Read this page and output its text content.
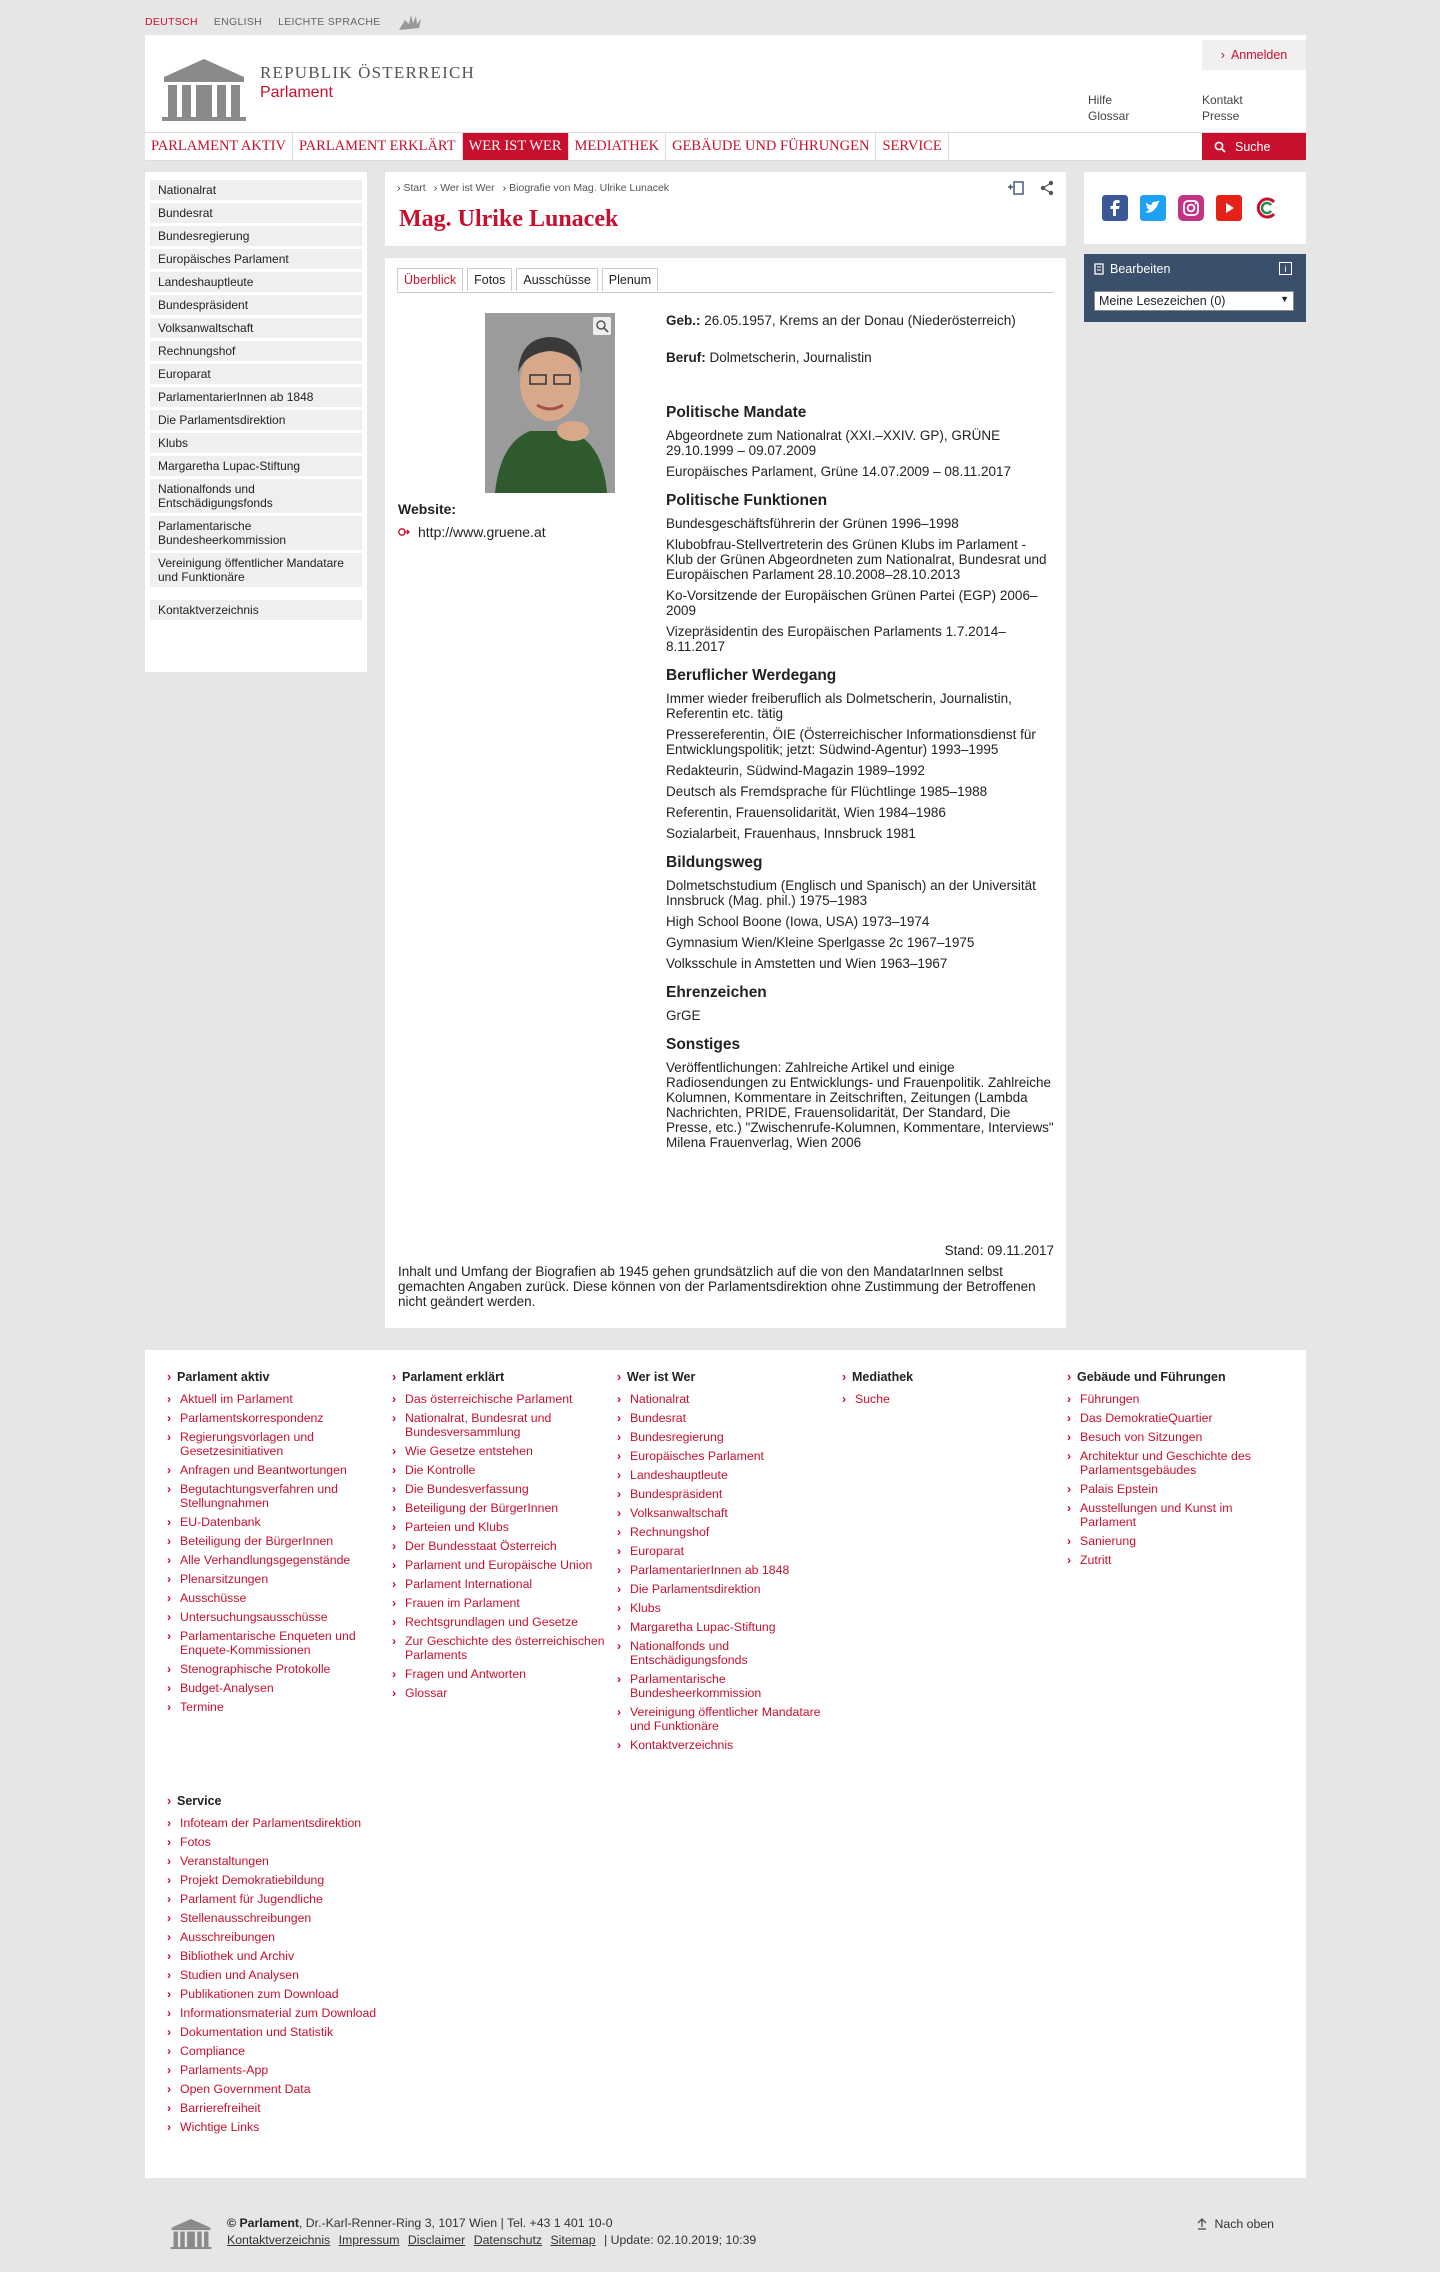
DEUTSCH ENGLISH LEICHTE SPRACHE
REPUBLIK ÖSTERREICH
Parlament
› Anmelden
Hilfe
Glossar
Kontakt
Presse
PARLAMENT AKTIV PARLAMENT ERKLÄRT WER IST WER MEDIATHEK GEBÄUDE UND FÜHRUNGEN SERVICE	Suche
Nationalrat
Bundesrat
Bundesregierung
Europäisches Parlament
Landeshauptleute
Bundespräsident
Volksanwaltschaft
Rechnungshof
Europarat
ParlamentarierInnen ab 1848
Die Parlamentsdirektion
Klubs
Margaretha Lupac-Stiftung
Nationalfonds und Entschädigungsfonds
Parlamentarische Bundesheerkommission
Vereinigung öffentlicher Mandatare und Funktionäre
Kontaktverzeichnis
› Start	› Wer ist Wer	› Biografie von Mag. Ulrike Lunacek
Mag. Ulrike Lunacek
Überblick	Fotos	Ausschüsse	Plenum
Website:
http://www.gruene.at
Geb.: 26.05.1957, Krems an der Donau (Niederösterreich)
Beruf: Dolmetscherin, Journalistin
Politische Mandate
Abgeordnete zum Nationalrat (XXI.–XXIV. GP), GRÜNE 29.10.1999 – 09.07.2009
Europäisches Parlament, Grüne 14.07.2009 – 08.11.2017
Politische Funktionen
Bundesgeschäftsführerin der Grünen 1996–1998
Klubobfrau-Stellvertreterin des Grünen Klubs im Parlament - Klub der Grünen Abgeordneten zum Nationalrat, Bundesrat und Europäischen Parlament 28.10.2008–28.10.2013
Ko-Vorsitzende der Europäischen Grünen Partei (EGP) 2006–2009
Vizepräsidentin des Europäischen Parlaments 1.7.2014–8.11.2017
Beruflicher Werdegang
Immer wieder freiberuflich als Dolmetscherin, Journalistin, Referentin etc. tätig
Pressereferentin, ÖIE (Österreichischer Informationsdienst für Entwicklungspolitik; jetzt: Südwind-Agentur) 1993–1995
Redakteurin, Südwind-Magazin 1989–1992
Deutsch als Fremdsprache für Flüchtlinge 1985–1988
Referentin, Frauensolidarität, Wien 1984–1986
Sozialarbeit, Frauenhaus, Innsbruck 1981
Bildungsweg
Dolmetschstudium (Englisch und Spanisch) an der Universität Innsbruck (Mag. phil.) 1975–1983
High School Boone (Iowa, USA) 1973–1974
Gymnasium Wien/Kleine Sperlgasse 2c 1967–1975
Volksschule in Amstetten und Wien 1963–1967
Ehrenzeichen
GrGE
Sonstiges
Veröffentlichungen: Zahlreiche Artikel und einige Radiosendungen zu Entwicklungs- und Frauenpolitik. Zahlreiche Kolumnen, Kommentare in Zeitschriften, Zeitungen (Lambda Nachrichten, PRIDE, Frauensolidarität, Der Standard, Die Presse, etc.) "Zwischenrufe-Kolumnen, Kommentare, Interviews" Milena Frauenverlag, Wien 2006
Stand: 09.11.2017
Inhalt und Umfang der Biografien ab 1945 gehen grundsätzlich auf die von den MandatarInnen selbst gemachten Angaben zurück. Diese können von der Parlamentsdirektion ohne Zustimmung der Betroffenen nicht geändert werden.
Bearbeiten	i
Meine Lesezeichen (0)	▼
› Parlament aktiv
› Aktuell im Parlament
› Parlamentskorrespondenz
› Regierungsvorlagen und Gesetzesinitiativen
› Anfragen und Beantwortungen
› Begutachtungsverfahren und Stellungnahmen
› EU-Datenbank
› Beteiligung der BürgerInnen
› Alle Verhandlungsgegenstände
› Plenarsitzungen
› Ausschüsse
› Untersuchungsausschüsse
› Parlamentarische Enqueten und Enquete-Kommissionen
› Stenographische Protokolle
› Budget-Analysen
› Termine
› Parlament erklärt
› Das österreichische Parlament
› Nationalrat, Bundesrat und Bundesversammlung
› Wie Gesetze entstehen
› Die Kontrolle
› Die Bundesverfassung
› Beteiligung der BürgerInnen
› Parteien und Klubs
› Der Bundesstaat Österreich
› Parlament und Europäische Union
› Parlament International
› Frauen im Parlament
› Rechtsgrundlagen und Gesetze
› Zur Geschichte des österreichischen Parlaments
› Fragen und Antworten
› Glossar
› Wer ist Wer
› Nationalrat
› Bundesrat
› Bundesregierung
› Europäisches Parlament
› Landeshauptleute
› Bundespräsident
› Volksanwaltschaft
› Rechnungshof
› Europarat
› ParlamentarierInnen ab 1848
› Die Parlamentsdirektion
› Klubs
› Margaretha Lupac-Stiftung
› Nationalfonds und Entschädigungsfonds
› Parlamentarische Bundesheerkommission
› Vereinigung öffentlicher Mandatare und Funktionäre
› Kontaktverzeichnis
› Mediathek
› Suche
› Gebäude und Führungen
› Führungen
› Das DemokratieQuartier
› Besuch von Sitzungen
› Architektur und Geschichte des Parlamentsgebäudes
› Palais Epstein
› Ausstellungen und Kunst im Parlament
› Sanierung
› Zutritt
› Service
› Infoteam der Parlamentsdirektion
› Fotos
› Veranstaltungen
› Projekt Demokratiebildung
› Parlament für Jugendliche
› Stellenausschreibungen
› Ausschreibungen
› Bibliothek und Archiv
› Studien und Analysen
› Publikationen zum Download
› Informationsmaterial zum Download
› Dokumentation und Statistik
› Compliance
› Parlaments-App
› Open Government Data
› Barrierefreiheit
› Wichtige Links
© Parlament, Dr.-Karl-Renner-Ring 3, 1017 Wien | Tel. +43 1 401 10-0
Kontaktverzeichnis Impressum Disclaimer Datenschutz Sitemap | Update: 02.10.2019; 10:39
Nach oben
